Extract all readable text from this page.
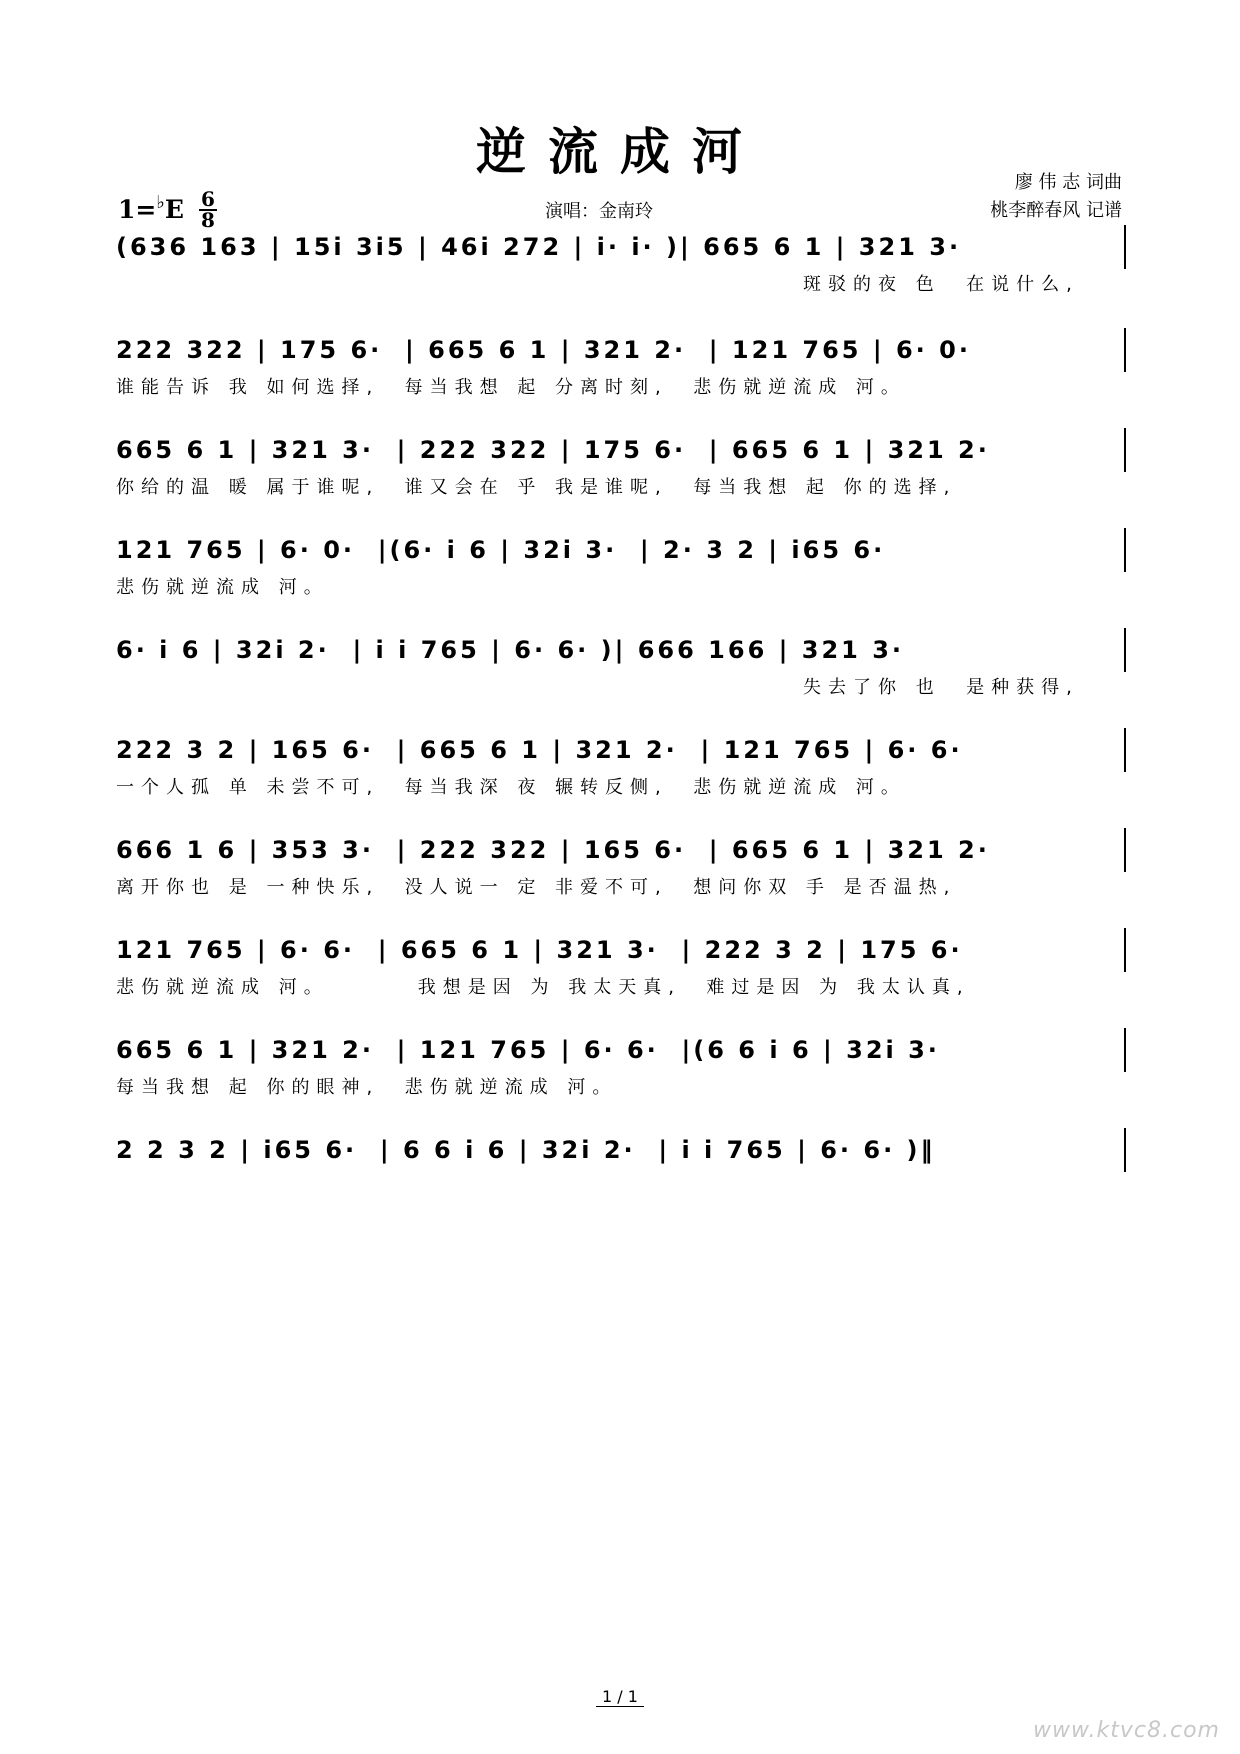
逆流成河
1=♭E 6
8	演唱：金南玲
廖 伟 志 词曲
桃李醉春风 记谱
(636 163 | 15i 3i5 | 46i 272 | i· i· )| 665 6 1 | 321 3·
斑驳的夜 色  在说什么,
222 322 | 175 6·  | 665 6 1 | 321 2·  | 121 765 | 6· 0·
谁能告诉 我 如何选择,  每当我想 起 分离时刻,  悲伤就逆流成 河。
665 6 1 | 321 3·  | 222 322 | 175 6·  | 665 6 1 | 321 2·
你给的温 暖 属于谁呢,  谁又会在 乎 我是谁呢,  每当我想 起 你的选择,
121 765 | 6· 0·  |(6· i 6 | 32i 3·  | 2· 3 2 | i65 6·
悲伤就逆流成 河。
6· i 6 | 32i 2·  | i i 765 | 6· 6· )| 666 166 | 321 3·
失去了你 也  是种获得,
222 3 2 | 165 6·  | 665 6 1 | 321 2·  | 121 765 | 6· 6·
一个人孤 单 未尝不可,  每当我深 夜 辗转反侧,  悲伤就逆流成 河。
666 1 6 | 353 3·  | 222 322 | 165 6·  | 665 6 1 | 321 2·
离开你也 是 一种快乐,  没人说一 定 非爱不可,  想问你双 手 是否温热,
121 765 | 6· 6·  | 665 6 1 | 321 3·  | 222 3 2 | 175 6·
悲伤就逆流成 河。       我想是因 为 我太天真,  难过是因 为 我太认真,
665 6 1 | 321 2·  | 121 765 | 6· 6·  |(6 6 i 6 | 32i 3·
每当我想 起 你的眼神,  悲伤就逆流成 河。
2 2 3 2 | i65 6·  | 6 6 i 6 | 32i 2·  | i i 765 | 6· 6· )‖
1 / 1
www.ktvc8.com
